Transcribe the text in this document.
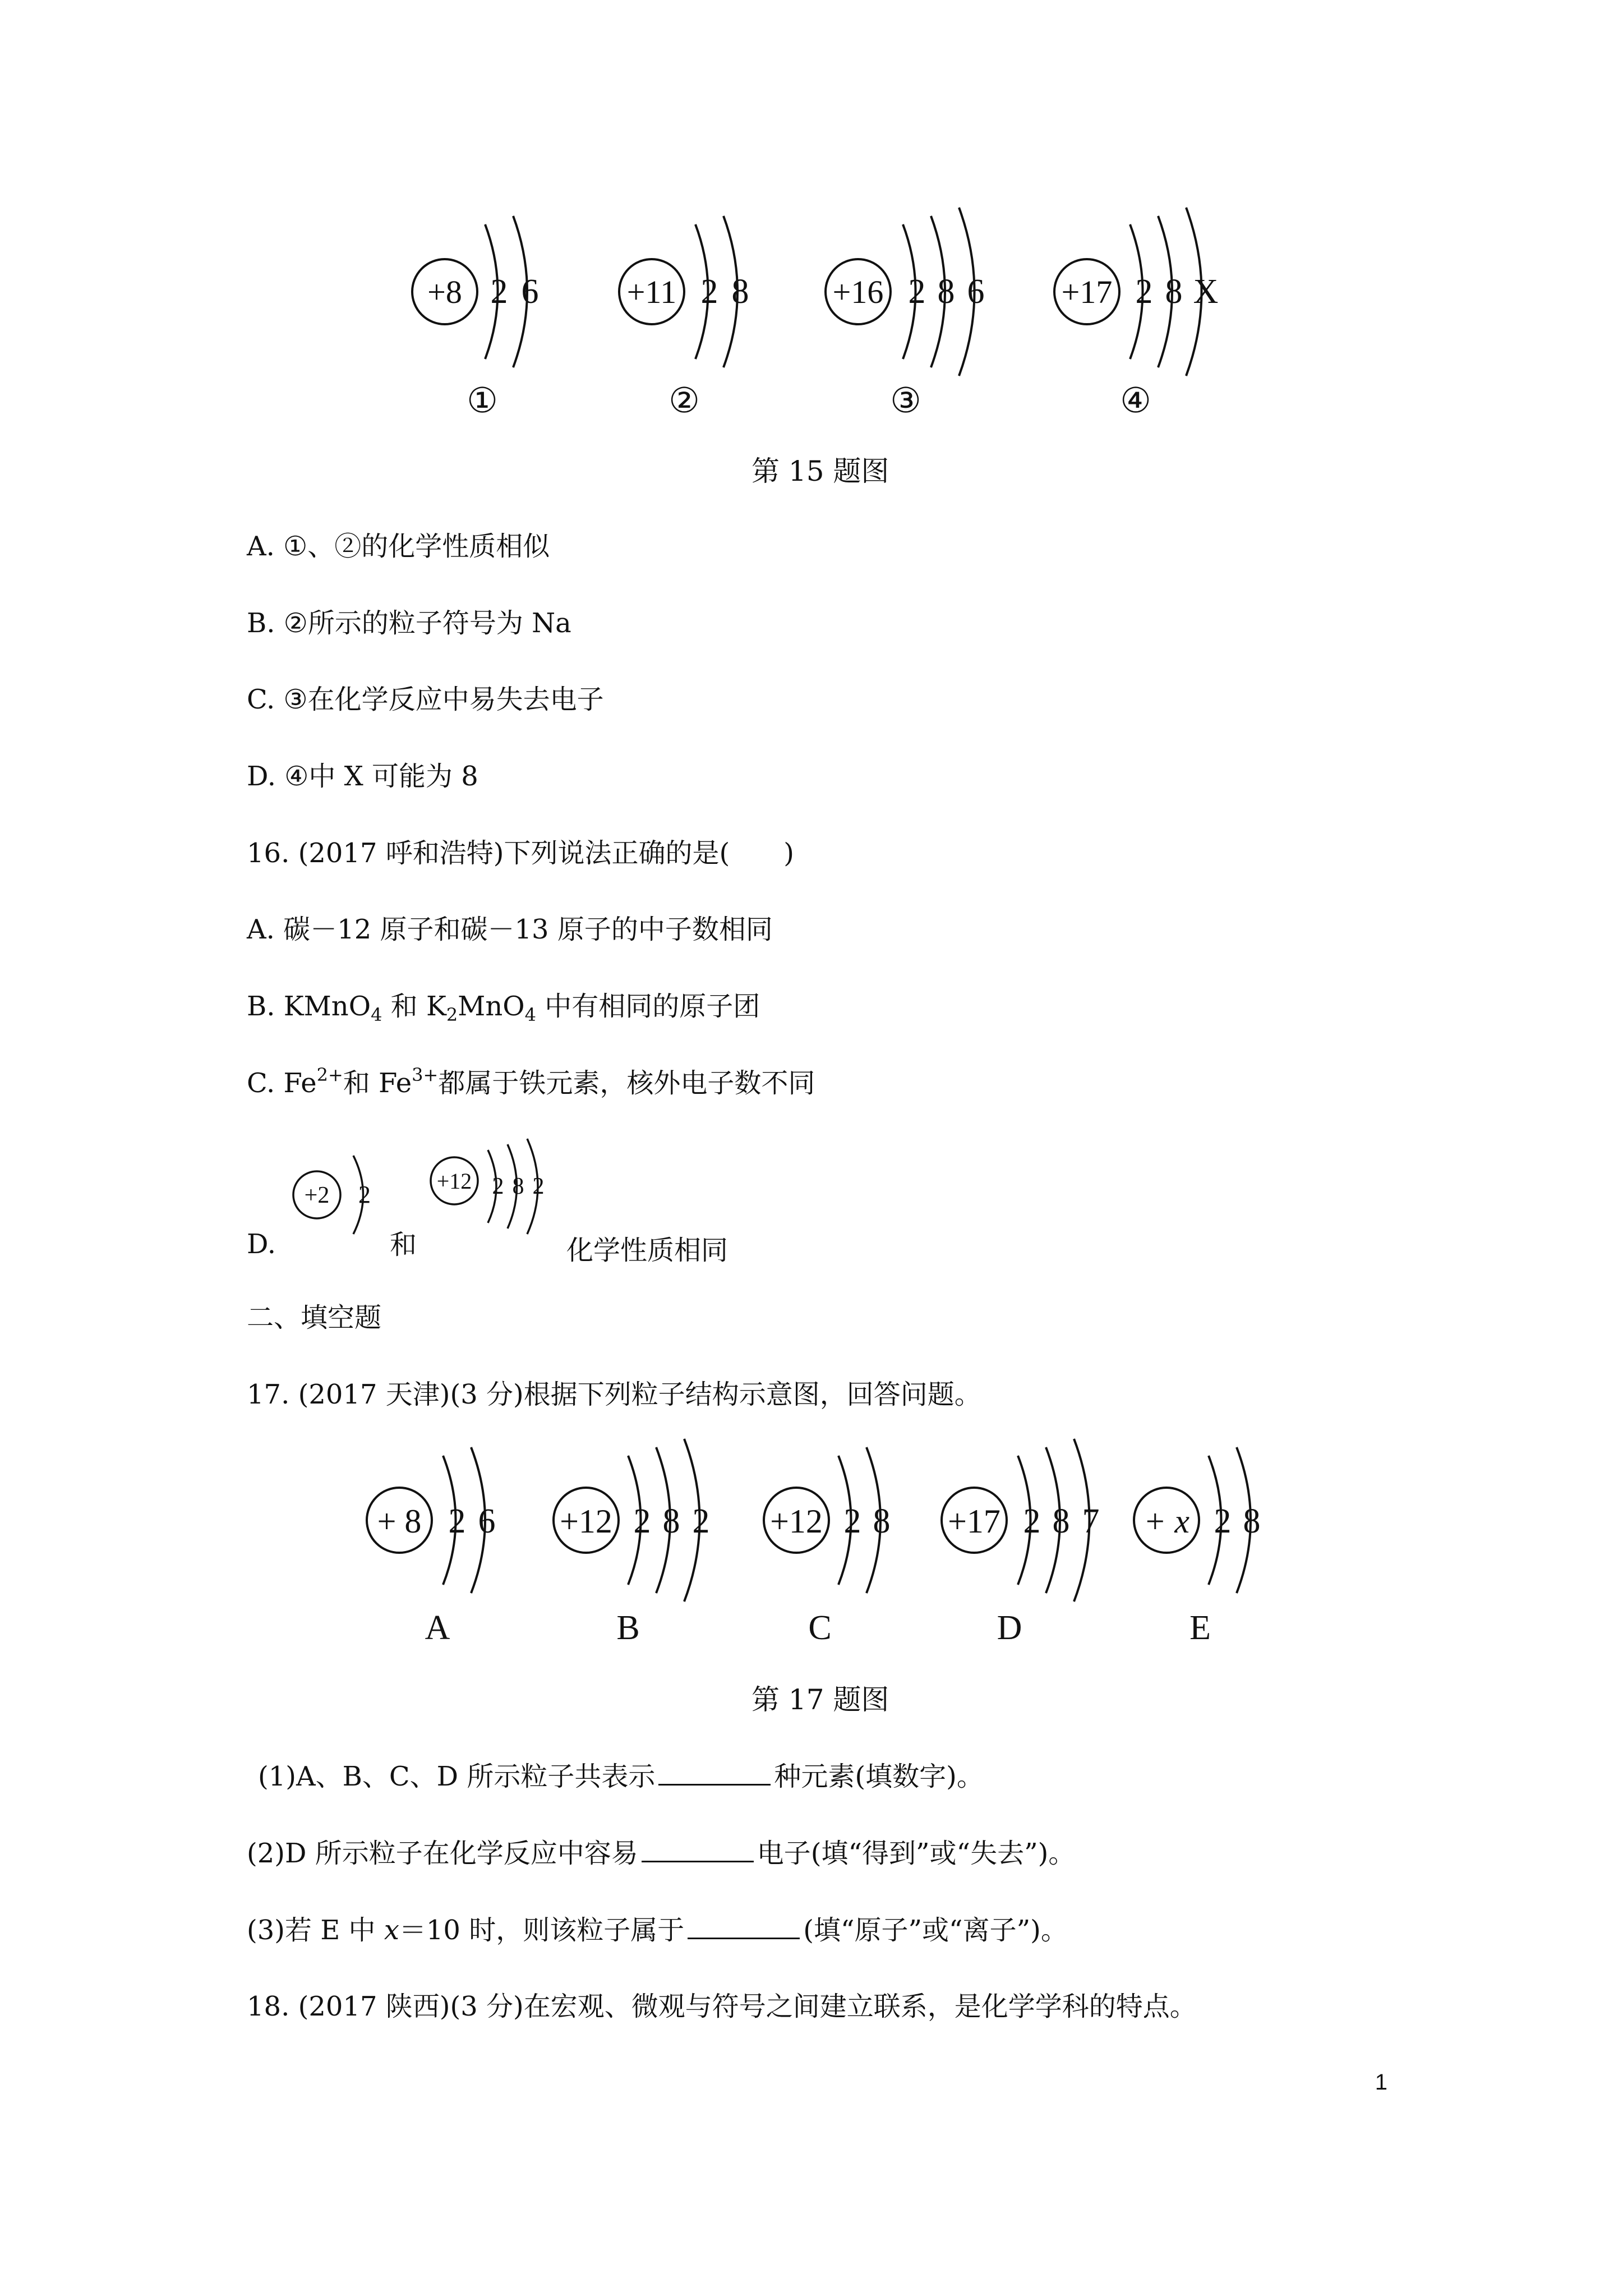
+8 2 6
①
+11 2 8
②
+16 2 8 6
③
+17 2 8 X
④
第 15 题图
A. ①、②的化学性质相似
B. ②所示的粒子符号为 Na
C. ③在化学反应中易失去电子
D. ④中 X 可能为 8
16. (2017 呼和浩特)下列说法正确的是(　　)
A. 碳－12 原子和碳－13 原子的中子数相同
B. KMnO$_4$ 和 $K_2MnO_4$ 中有相同的原子团
C. $Fe^{2+}$和 $Fe^{3+}$都属于铁元素，核外电子数不同
D.
+2 2	+12 2 8 2
和	化学性质相同
二、填空题
17. (2017 天津)(3 分)根据下列粒子结构示意图，回答问题。
+ 8 2 6
A
+12 2 8 2
B
+12 2 8
C
+17 2 8 7
D
+ x 2 8
E
第 17 题图
(1)A、B、C、D 所示粒子共表示	种元素(填数字)。
(2)D 所示粒子在化学反应中容易	电子(填“得到”或“失去”)。
(3)若 E 中 x＝10 时，则该粒子属于	(填“原子”或“离子”)。
18. (2017 陕西)(3 分)在宏观、微观与符号之间建立联系，是化学学科的特点。
1
